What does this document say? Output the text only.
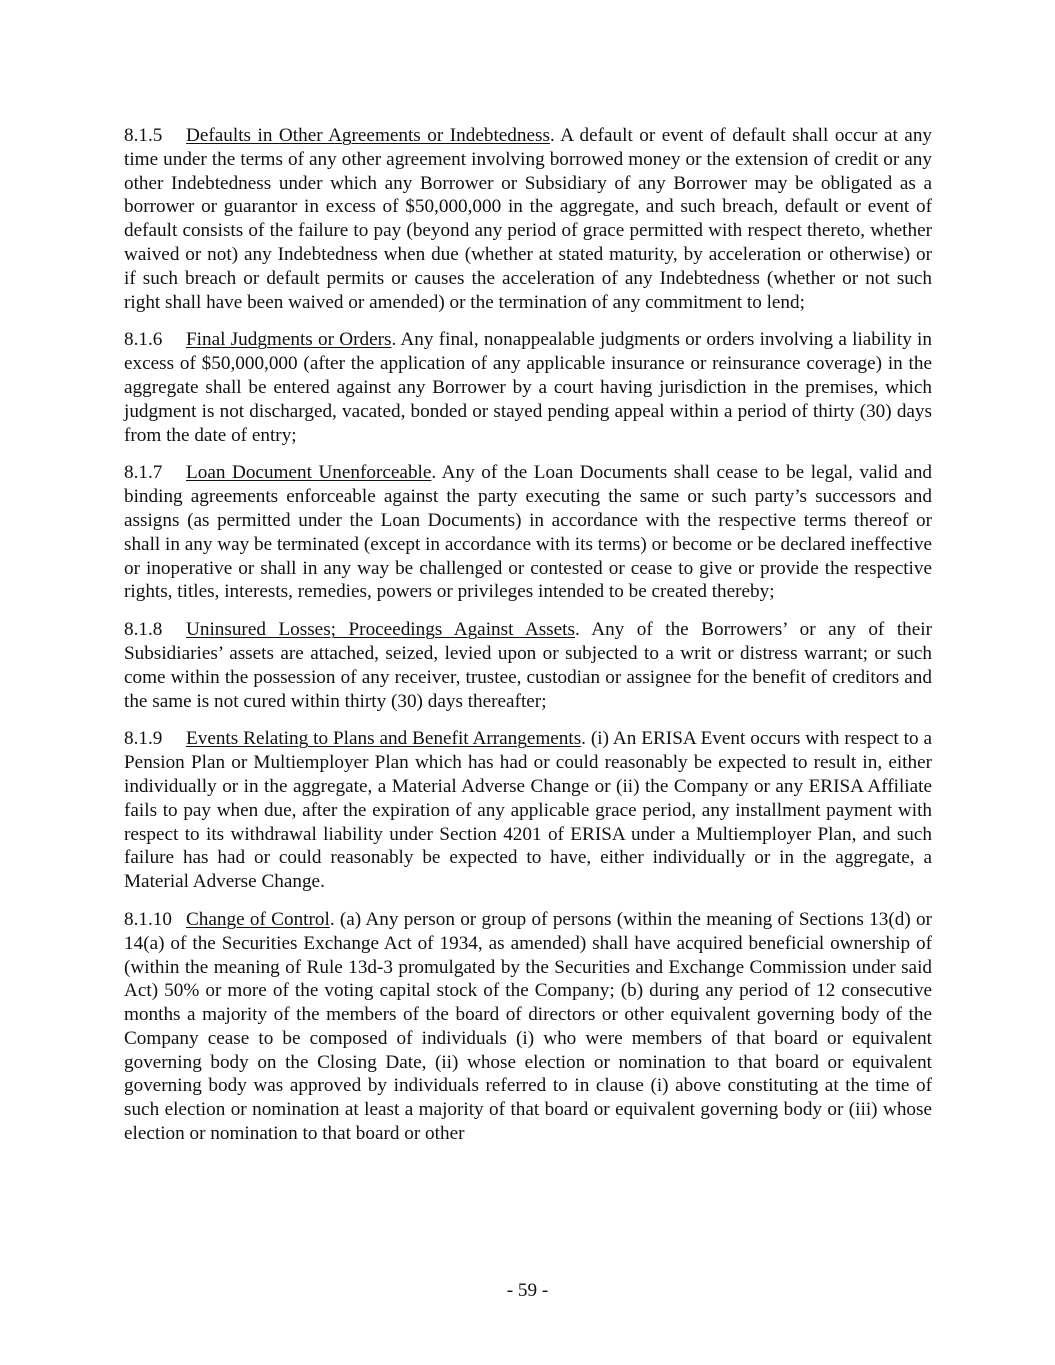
8.1.5 Defaults in Other Agreements or Indebtedness. A default or event of default shall occur at any time under the terms of any other agreement involving borrowed money or the extension of credit or any other Indebtedness under which any Borrower or Subsidiary of any Borrower may be obligated as a borrower or guarantor in excess of $50,000,000 in the aggregate, and such breach, default or event of default consists of the failure to pay (beyond any period of grace permitted with respect thereto, whether waived or not) any Indebtedness when due (whether at stated maturity, by acceleration or otherwise) or if such breach or default permits or causes the acceleration of any Indebtedness (whether or not such right shall have been waived or amended) or the termination of any commitment to lend;

8.1.6 Final Judgments or Orders. Any final, nonappealable judgments or orders involving a liability in excess of $50,000,000 (after the application of any applicable insurance or reinsurance coverage) in the aggregate shall be entered against any Borrower by a court having jurisdiction in the premises, which judgment is not discharged, vacated, bonded or stayed pending appeal within a period of thirty (30) days from the date of entry;

8.1.7 Loan Document Unenforceable. Any of the Loan Documents shall cease to be legal, valid and binding agreements enforceable against the party executing the same or such party’s successors and assigns (as permitted under the Loan Documents) in accordance with the respective terms thereof or shall in any way be terminated (except in accordance with its terms) or become or be declared ineffective or inoperative or shall in any way be challenged or contested or cease to give or provide the respective rights, titles, interests, remedies, powers or privileges intended to be created thereby;

8.1.8 Uninsured Losses; Proceedings Against Assets. Any of the Borrowers’ or any of their Subsidiaries’ assets are attached, seized, levied upon or subjected to a writ or distress warrant; or such come within the possession of any receiver, trustee, custodian or assignee for the benefit of creditors and the same is not cured within thirty (30) days thereafter;

8.1.9 Events Relating to Plans and Benefit Arrangements. (i) An ERISA Event occurs with respect to a Pension Plan or Multiemployer Plan which has had or could reasonably be expected to result in, either individually or in the aggregate, a Material Adverse Change or (ii) the Company or any ERISA Affiliate fails to pay when due, after the expiration of any applicable grace period, any installment payment with respect to its withdrawal liability under Section 4201 of ERISA under a Multiemployer Plan, and such failure has had or could reasonably be expected to have, either individually or in the aggregate, a Material Adverse Change.

8.1.10 Change of Control. (a) Any person or group of persons (within the meaning of Sections 13(d) or 14(a) of the Securities Exchange Act of 1934, as amended) shall have acquired beneficial ownership of (within the meaning of Rule 13d-3 promulgated by the Securities and Exchange Commission under said Act) 50% or more of the voting capital stock of the Company; (b) during any period of 12 consecutive months a majority of the members of the board of directors or other equivalent governing body of the Company cease to be composed of individuals (i) who were members of that board or equivalent governing body on the Closing Date, (ii) whose election or nomination to that board or equivalent governing body was approved by individuals referred to in clause (i) above constituting at the time of such election or nomination at least a majority of that board or equivalent governing body or (iii) whose election or nomination to that board or other

- 59 -
